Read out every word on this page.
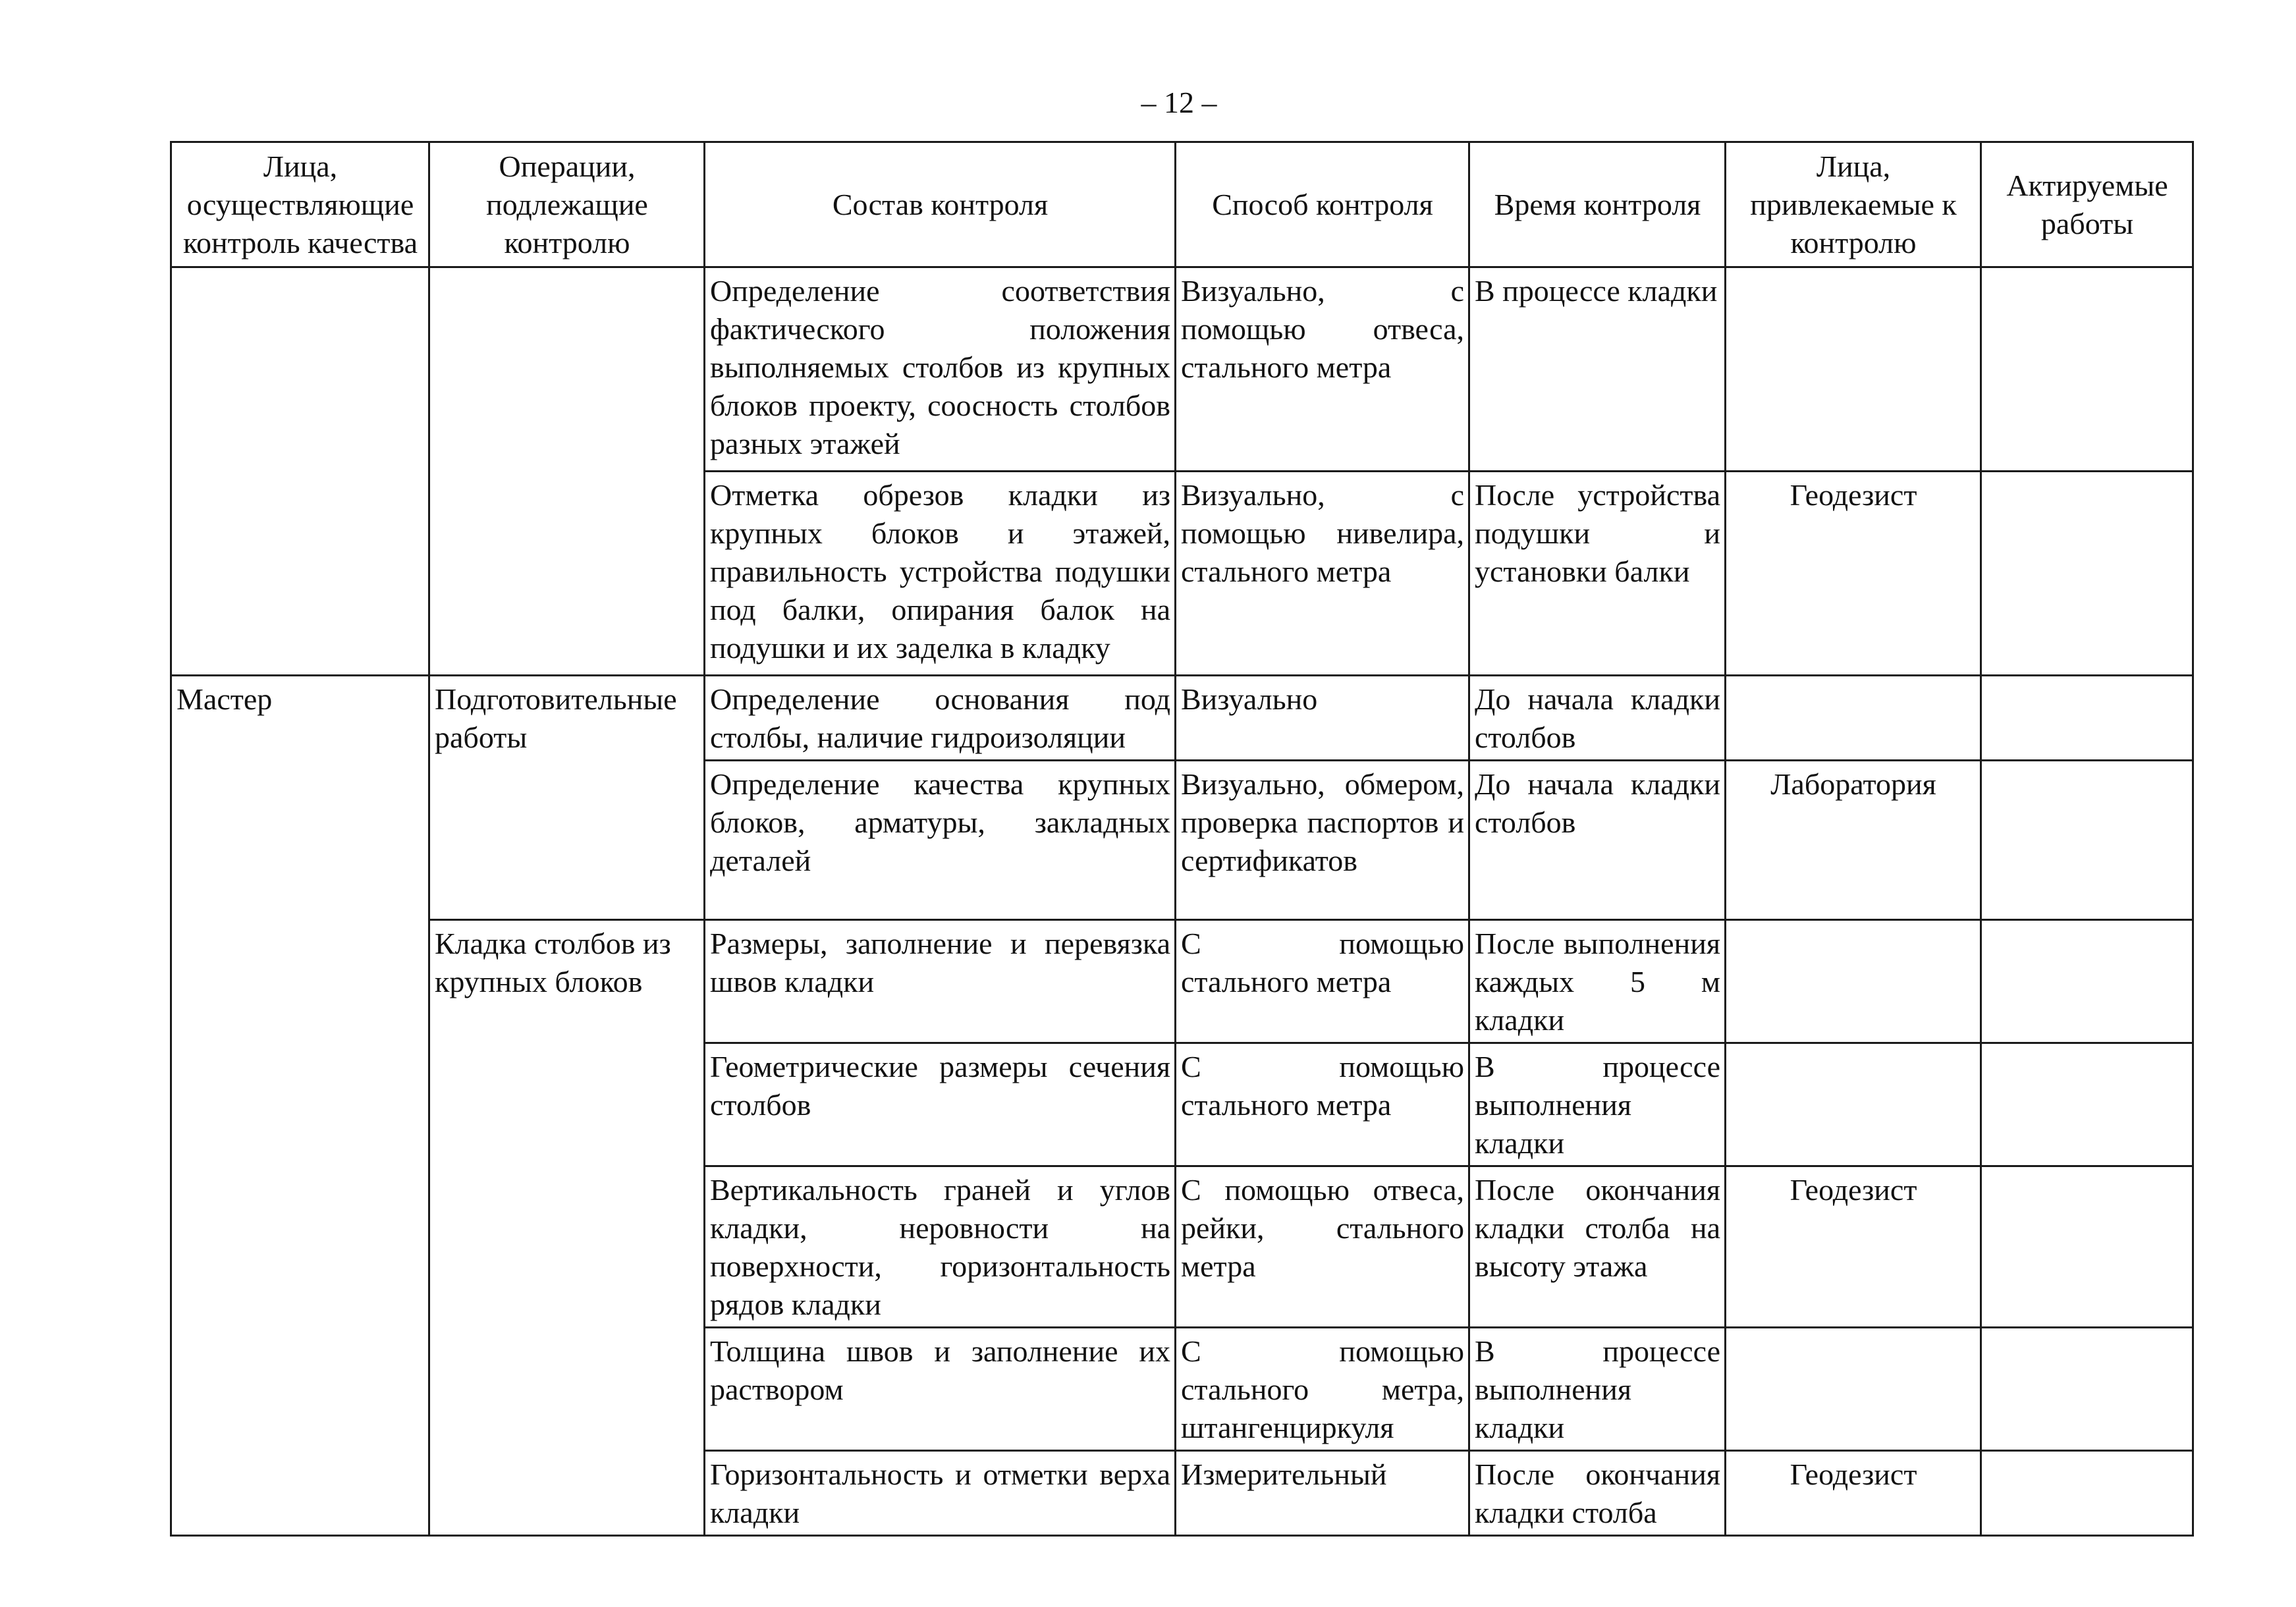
– 12 –
Лица, осуществляющие контроль качества	Операции, подлежащие контролю	Состав контроля	Способ контроля	Время контроля	Лица, привлекаемые к контролю	Актируемые работы
		Определение соответствия фактического положения выполняемых столбов из крупных блоков проекту, соосность столбов разных этажей	Визуально, с помощью отвеса, стального метра	В процессе кладки		
		Отметка обрезов кладки из крупных блоков и этажей, правильность устройства подушки под балки, опирания балок на подушки и их заделка в кладку	Визуально, с помощью нивелира, стального метра	После устройства подушки и установки балки	Геодезист	
Мастер	Подготовительные работы	Определение основания под столбы, наличие гидроизоляции	Визуально	До начала кладки столбов		
		Определение качества крупных блоков, арматуры, закладных деталей	Визуально, обмером, проверка паспортов и сертификатов	До начала кладки столбов	Лаборатория	
	Кладка столбов из крупных блоков	Размеры, заполнение и перевязка швов кладки	С помощью стального метра	После выполнения каждых 5 м кладки		
		Геометрические размеры сечения столбов	С помощью стального метра	В процессе выполнения кладки		
		Вертикальность граней и углов кладки, неровности на поверхности, горизонтальность рядов кладки	С помощью отвеса, рейки, стального метра	После окончания кладки столба на высоту этажа	Геодезист	
		Толщина швов и заполнение их раствором	С помощью стального метра, штангенциркуля	В процессе выполнения кладки		
		Горизонтальность и отметки верха кладки	Измерительный	После окончания кладки столба	Геодезист	
